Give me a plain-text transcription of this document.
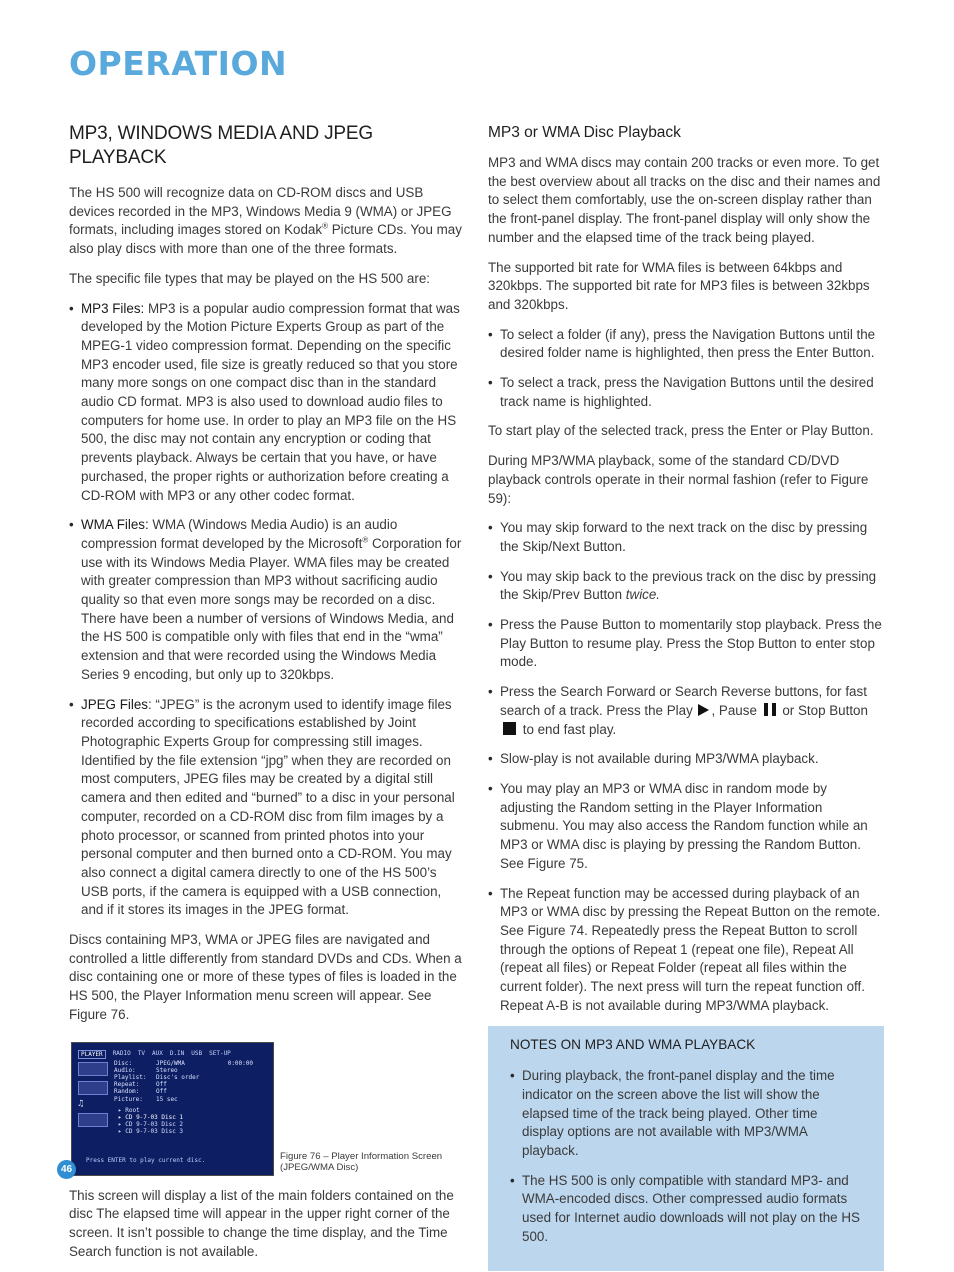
OPERATION
MP3, WINDOWS MEDIA AND JPEG PLAYBACK

The HS 500 will recognize data on CD-ROM discs and USB devices recorded in the MP3, Windows Media 9 (WMA) or JPEG formats, including images stored on Kodak® Picture CDs. You may also play discs with more than one of the three formats.

The specific file types that may be played on the HS 500 are:

• MP3 Files: MP3 is a popular audio compression format that was developed by the Motion Picture Experts Group as part of the MPEG-1 video compression format. Depending on the specific MP3 encoder used, file size is greatly reduced so that you store many more songs on one compact disc than in the standard audio CD format. MP3 is also used to download audio files to computers for home use. In order to play an MP3 file on the HS 500, the disc may not contain any encryption or coding that prevents playback. Always be certain that you have, or have purchased, the proper rights or authorization before creating a CD-ROM with MP3 or any other codec format.
• WMA Files: WMA (Windows Media Audio) is an audio compression format developed by the Microsoft® Corporation for use with its Windows Media Player. WMA files may be created with greater compression than MP3 without sacrificing audio quality so that even more songs may be recorded on a disc. There have been a number of versions of Windows Media, and the HS 500 is compatible only with files that end in the “wma” extension and that were recorded using the Windows Media Series 9 encoding, but only up to 320kbps.
• JPEG Files: “JPEG” is the acronym used to identify image files recorded according to specifications established by Joint Photographic Experts Group for compressing still images. Identified by the file extension “jpg” when they are recorded on most computers, JPEG files may be created by a digital still camera and then edited and “burned” to a disc in your personal computer, recorded on a CD-ROM disc from film images by a photo processor, or scanned from printed photos into your personal computer and then burned onto a CD-ROM. You may also connect a digital camera directly to one of the HS 500’s USB ports, if the camera is equipped with a USB connection, and if it stores its images in the JPEG format.

Discs containing MP3, WMA or JPEG files are navigated and controlled a little differently from standard DVDs and CDs. When a disc containing one or more of these types of files is loaded in the HS 500, the Player Information menu screen will appear. See Figure 76.

PLAYER	RADIO TV AUX D.IN USB SET-UP
0:00:00
♫
Disc:	JPEG/WMA
Audio:	Stereo
Playlist:	Disc's order
Repeat:	Off
Random:	Off
Picture:	15 sec
▸ Root
▸ CD 9-7-03 Disc 1
▸ CD 9-7-03 Disc 2
▸ CD 9-7-03 Disc 3
Press ENTER to play current disc.	Figure 76 – Player Information Screen (JPEG/WMA Disc)

This screen will display a list of the main folders contained on the disc The elapsed time will appear in the upper right corner of the screen. It isn’t possible to change the time display, and the Time Search function is not available.

MP3 or WMA Disc Playback

MP3 and WMA discs may contain 200 tracks or even more. To get the best overview about all tracks on the disc and their names and to select them comfortably, use the on-screen display rather than the front-panel display. The front-panel display will only show the number and the elapsed time of the track being played.

The supported bit rate for WMA files is between 64kbps and 320kbps. The supported bit rate for MP3 files is between 32kbps and 320kbps.

• To select a folder (if any), press the Navigation Buttons until the desired folder name is highlighted, then press the Enter Button.
• To select a track, press the Navigation Buttons until the desired track name is highlighted.

To start play of the selected track, press the Enter or Play Button.

During MP3/WMA playback, some of the standard CD/DVD playback controls operate in their normal fashion (refer to Figure 59):

• You may skip forward to the next track on the disc by pressing the Skip/Next Button.
• You may skip back to the previous track on the disc by pressing the Skip/Prev Button twice.
• Press the Pause Button to momentarily stop playback. Press the Play Button to resume play. Press the Stop Button to enter stop mode.
• Press the Search Forward or Search Reverse buttons, for fast search of a track. Press the Play , Pause  or Stop Button  to end fast play.
• Slow-play is not available during MP3/WMA playback.
• You may play an MP3 or WMA disc in random mode by adjusting the Random setting in the Player Information submenu. You may also access the Random function while an MP3 or WMA disc is playing by pressing the Random Button. See Figure 75.
• The Repeat function may be accessed during playback of an MP3 or WMA disc by pressing the Repeat Button on the remote. See Figure 74. Repeatedly press the Repeat Button to scroll through the options of Repeat 1 (repeat one file), Repeat All (repeat all files) or Repeat Folder (repeat all files within the current folder). The next press will turn the repeat function off. Repeat A-B is not available during MP3/WMA playback.
NOTES ON MP3 AND WMA PLAYBACK
• During playback, the front-panel display and the time indicator on the screen above the list will show the elapsed time of the track being played. Other time display options are not available with MP3/WMA playback.
• The HS 500 is only compatible with standard MP3- and WMA-encoded discs. Other compressed audio formats used for Internet audio downloads will not play on the HS 500.
46
